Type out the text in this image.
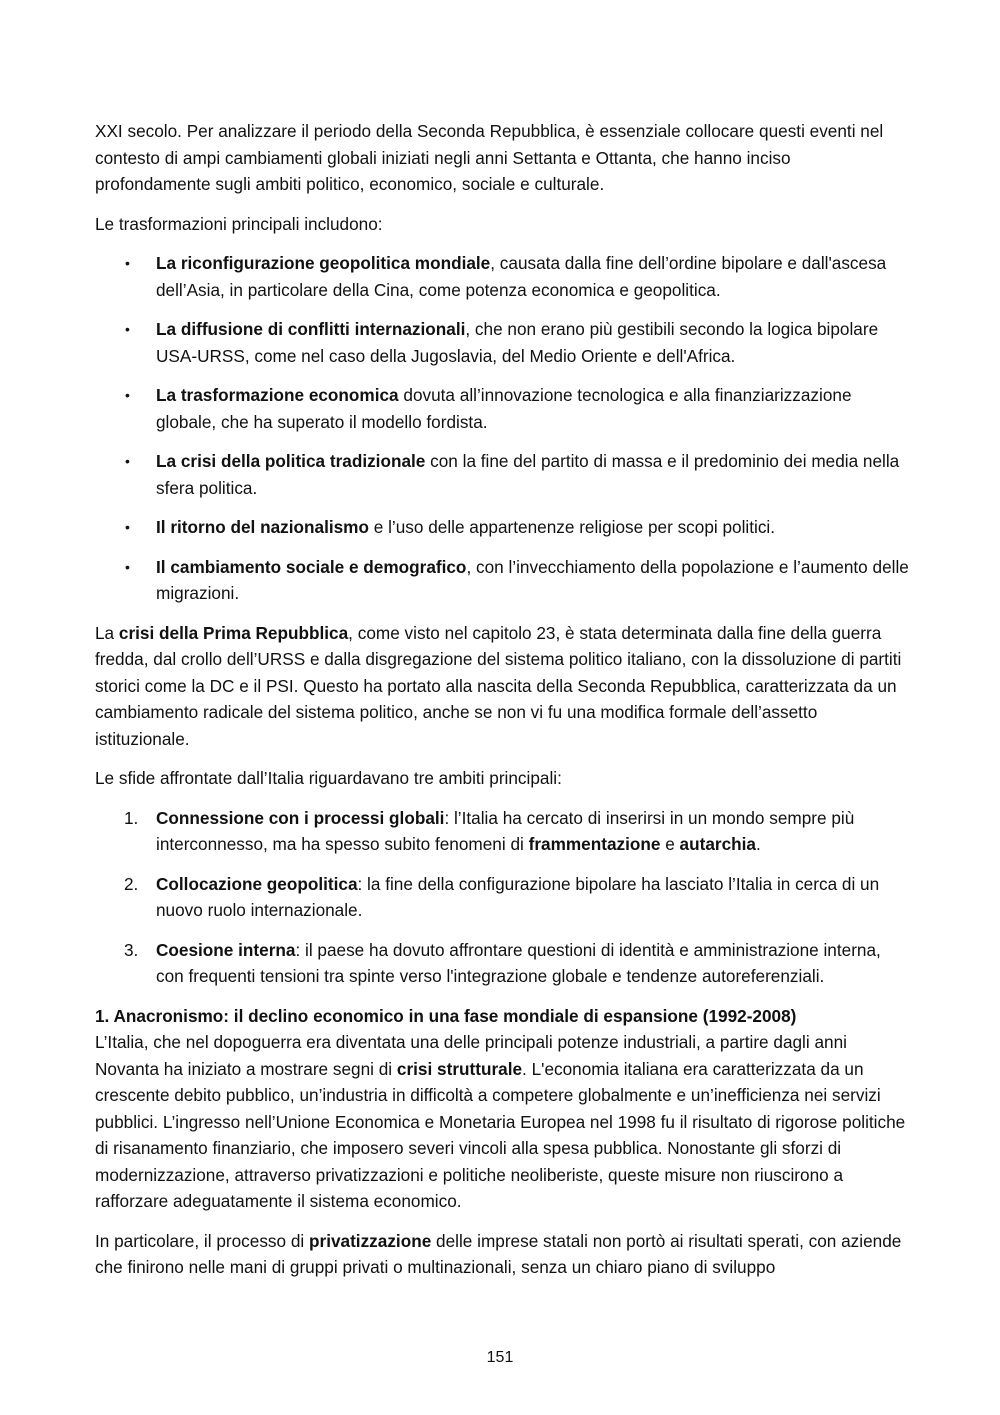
XXI secolo. Per analizzare il periodo della Seconda Repubblica, è essenziale collocare questi eventi nel contesto di ampi cambiamenti globali iniziati negli anni Settanta e Ottanta, che hanno inciso profondamente sugli ambiti politico, economico, sociale e culturale.

Le trasformazioni principali includono:

• La riconfigurazione geopolitica mondiale, causata dalla fine dell’ordine bipolare e dall'ascesa dell’Asia, in particolare della Cina, come potenza economica e geopolitica.
• La diffusione di conflitti internazionali, che non erano più gestibili secondo la logica bipolare USA-URSS, come nel caso della Jugoslavia, del Medio Oriente e dell'Africa.
• La trasformazione economica dovuta all’innovazione tecnologica e alla finanziarizzazione globale, che ha superato il modello fordista.
• La crisi della politica tradizionale con la fine del partito di massa e il predominio dei media nella sfera politica.
• Il ritorno del nazionalismo e l’uso delle appartenenze religiose per scopi politici.
• Il cambiamento sociale e demografico, con l’invecchiamento della popolazione e l’aumento delle migrazioni.

La crisi della Prima Repubblica, come visto nel capitolo 23, è stata determinata dalla fine della guerra fredda, dal crollo dell’URSS e dalla disgregazione del sistema politico italiano, con la dissoluzione di partiti storici come la DC e il PSI. Questo ha portato alla nascita della Seconda Repubblica, caratterizzata da un cambiamento radicale del sistema politico, anche se non vi fu una modifica formale dell’assetto istituzionale.

Le sfide affrontate dall’Italia riguardavano tre ambiti principali:

1. Connessione con i processi globali: l’Italia ha cercato di inserirsi in un mondo sempre più interconnesso, ma ha spesso subito fenomeni di frammentazione e autarchia.
2. Collocazione geopolitica: la fine della configurazione bipolare ha lasciato l’Italia in cerca di un nuovo ruolo internazionale.
3. Coesione interna: il paese ha dovuto affrontare questioni di identità e amministrazione interna, con frequenti tensioni tra spinte verso l'integrazione globale e tendenze autoreferenziali.

1. Anacronismo: il declino economico in una fase mondiale di espansione (1992-2008)

L’Italia, che nel dopoguerra era diventata una delle principali potenze industriali, a partire dagli anni Novanta ha iniziato a mostrare segni di crisi strutturale. L'economia italiana era caratterizzata da un crescente debito pubblico, un’industria in difficoltà a competere globalmente e un’inefficienza nei servizi pubblici. L’ingresso nell’Unione Economica e Monetaria Europea nel 1998 fu il risultato di rigorose politiche di risanamento finanziario, che imposero severi vincoli alla spesa pubblica. Nonostante gli sforzi di modernizzazione, attraverso privatizzazioni e politiche neoliberiste, queste misure non riuscirono a rafforzare adeguatamente il sistema economico.

In particolare, il processo di privatizzazione delle imprese statali non portò ai risultati sperati, con aziende che finirono nelle mani di gruppi privati o multinazionali, senza un chiaro piano di sviluppo

151
